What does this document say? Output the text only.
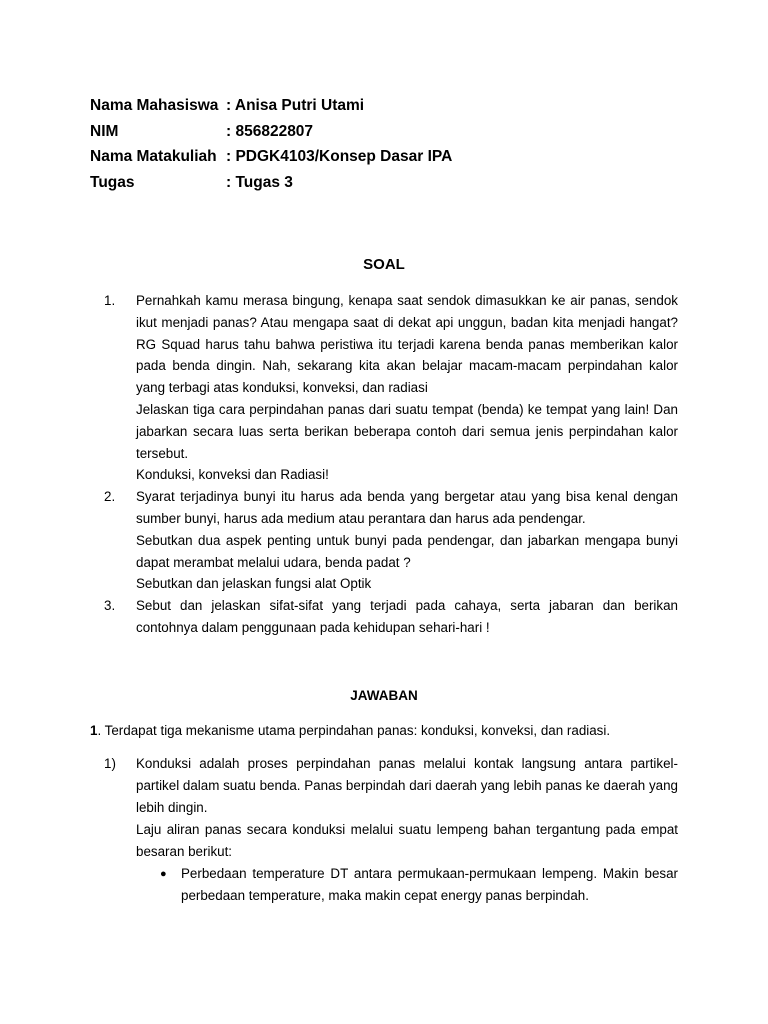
Nama Mahasiswa : Anisa Putri Utami
NIM	: 856822807
Nama Matakuliah : PDGK4103/Konsep Dasar IPA
Tugas	: Tugas 3
SOAL
1.	Pernahkah kamu merasa bingung, kenapa saat sendok dimasukkan ke air panas, sendok ikut menjadi panas? Atau mengapa saat di dekat api unggun, badan kita menjadi hangat? RG Squad harus tahu bahwa peristiwa itu terjadi karena benda panas memberikan kalor pada benda dingin. Nah, sekarang kita akan belajar macam-macam perpindahan kalor yang terbagi atas konduksi, konveksi, dan radiasi

Jelaskan tiga cara perpindahan panas dari suatu tempat (benda) ke tempat yang lain! Dan jabarkan secara luas serta berikan beberapa contoh dari semua jenis perpindahan kalor tersebut.

Konduksi, konveksi dan Radiasi!

2.	Syarat terjadinya bunyi itu harus ada benda yang bergetar atau yang bisa kenal dengan sumber bunyi, harus ada medium atau perantara dan harus ada pendengar.

Sebutkan dua aspek penting untuk bunyi pada pendengar, dan jabarkan mengapa bunyi dapat merambat melalui udara, benda padat ?

Sebutkan dan jelaskan fungsi alat Optik

3.	Sebut dan jelaskan sifat-sifat yang terjadi pada cahaya, serta jabaran dan berikan contohnya dalam penggunaan pada kehidupan sehari-hari !

JAWABAN
1. Terdapat tiga mekanisme utama perpindahan panas: konduksi, konveksi, dan radiasi.
1)	Konduksi adalah proses perpindahan panas melalui kontak langsung antara partikel-partikel dalam suatu benda. Panas berpindah dari daerah yang lebih panas ke daerah yang lebih dingin.

Laju aliran panas secara konduksi melalui suatu lempeng bahan tergantung pada empat besaran berikut:

●	Perbedaan temperature DT antara permukaan-permukaan lempeng. Makin besar perbedaan temperature, maka makin cepat energy panas berpindah.
